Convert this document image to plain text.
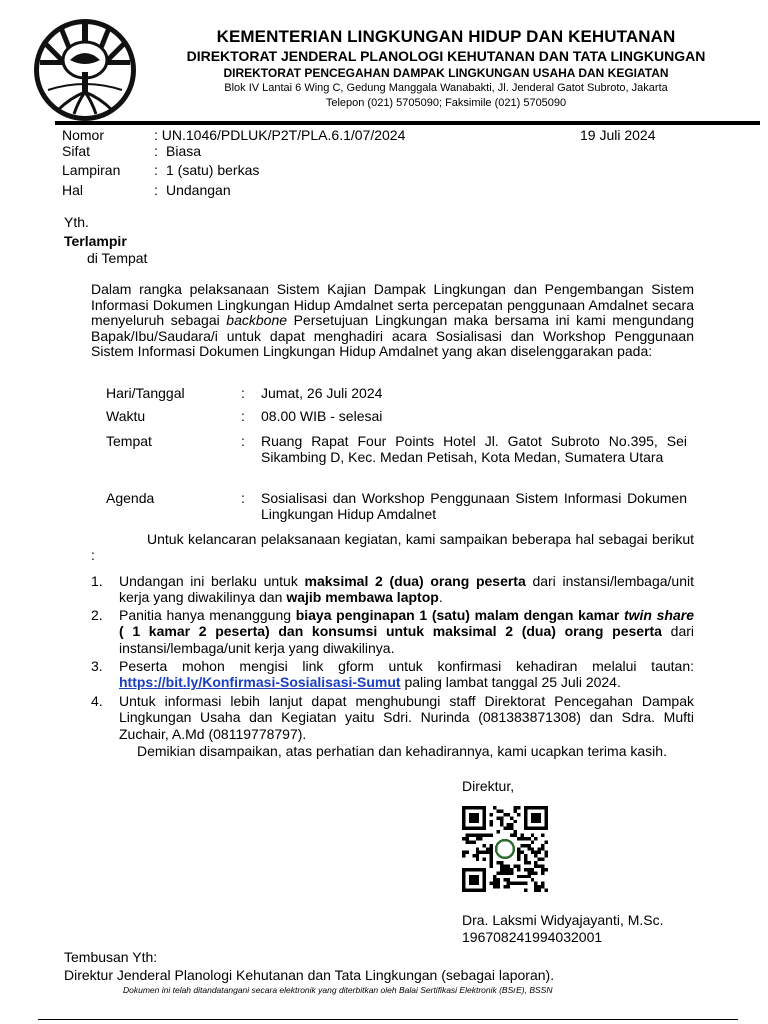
KEMENTERIAN LINGKUNGAN HIDUP DAN KEHUTANAN
DIREKTORAT JENDERAL PLANOLOGI KEHUTANAN DAN TATA LINGKUNGAN
DIREKTORAT PENCEGAHAN DAMPAK LINGKUNGAN USAHA DAN KEGIATAN
Blok IV Lantai 6 Wing C, Gedung Manggala Wanabakti, Jl. Jenderal Gatot Subroto, Jakarta
Telepon (021) 5705090; Faksimile (021) 5705090
Nomor	: UN.1046/PDLUK/P2T/PLA.6.1/07/2024	19 Juli 2024
Sifat	: Biasa
Lampiran : 1 (satu) berkas
Hal	: Undangan
Yth.
Terlampir
di Tempat
Dalam rangka pelaksanaan Sistem Kajian Dampak Lingkungan dan Pengembangan Sistem Informasi Dokumen Lingkungan Hidup Amdalnet serta percepatan penggunaan Amdalnet secara menyeluruh sebagai backbone Persetujuan Lingkungan maka bersama ini kami mengundang Bapak/Ibu/Saudara/i untuk dapat menghadiri acara Sosialisasi dan Workshop Penggunaan Sistem Informasi Dokumen Lingkungan Hidup Amdalnet yang akan diselenggarakan pada:
Hari/Tanggal	: Jumat, 26 Juli 2024
Waktu	: 08.00 WIB - selesai
Tempat	: Ruang Rapat Four Points Hotel Jl. Gatot Subroto No.395, Sei Sikambing D, Kec. Medan Petisah, Kota Medan, Sumatera Utara
Agenda	: Sosialisasi dan Workshop Penggunaan Sistem Informasi Dokumen Lingkungan Hidup Amdalnet
Untuk kelancaran pelaksanaan kegiatan, kami sampaikan beberapa hal sebagai berikut :
1. Undangan ini berlaku untuk maksimal 2 (dua) orang peserta dari instansi/lembaga/unit kerja yang diwakilinya dan wajib membawa laptop.
2. Panitia hanya menanggung biaya penginapan 1 (satu) malam dengan kamar twin share ( 1 kamar 2 peserta) dan konsumsi untuk maksimal 2 (dua) orang peserta dari instansi/lembaga/unit kerja yang diwakilinya.
3. Peserta mohon mengisi link gform untuk konfirmasi kehadiran melalui tautan: https://bit.ly/Konfirmasi-Sosialisasi-Sumut paling lambat tanggal 25 Juli 2024.
4. Untuk informasi lebih lanjut dapat menghubungi staff Direktorat Pencegahan Dampak Lingkungan Usaha dan Kegiatan yaitu Sdri. Nurinda (081383871308) dan Sdra. Mufti Zuchair, A.Md (08119778797).
Demikian disampaikan, atas perhatian dan kehadirannya, kami ucapkan terima kasih.
Direktur,
Dra. Laksmi Widyajayanti, M.Sc.
196708241994032001
Tembusan Yth:
Direktur Jenderal Planologi Kehutanan dan Tata Lingkungan (sebagai laporan).
Dokumen ini telah ditandatangani secara elektronik yang diterbitkan oleh Balai Sertifikasi Elektronik (BSrE), BSSN
